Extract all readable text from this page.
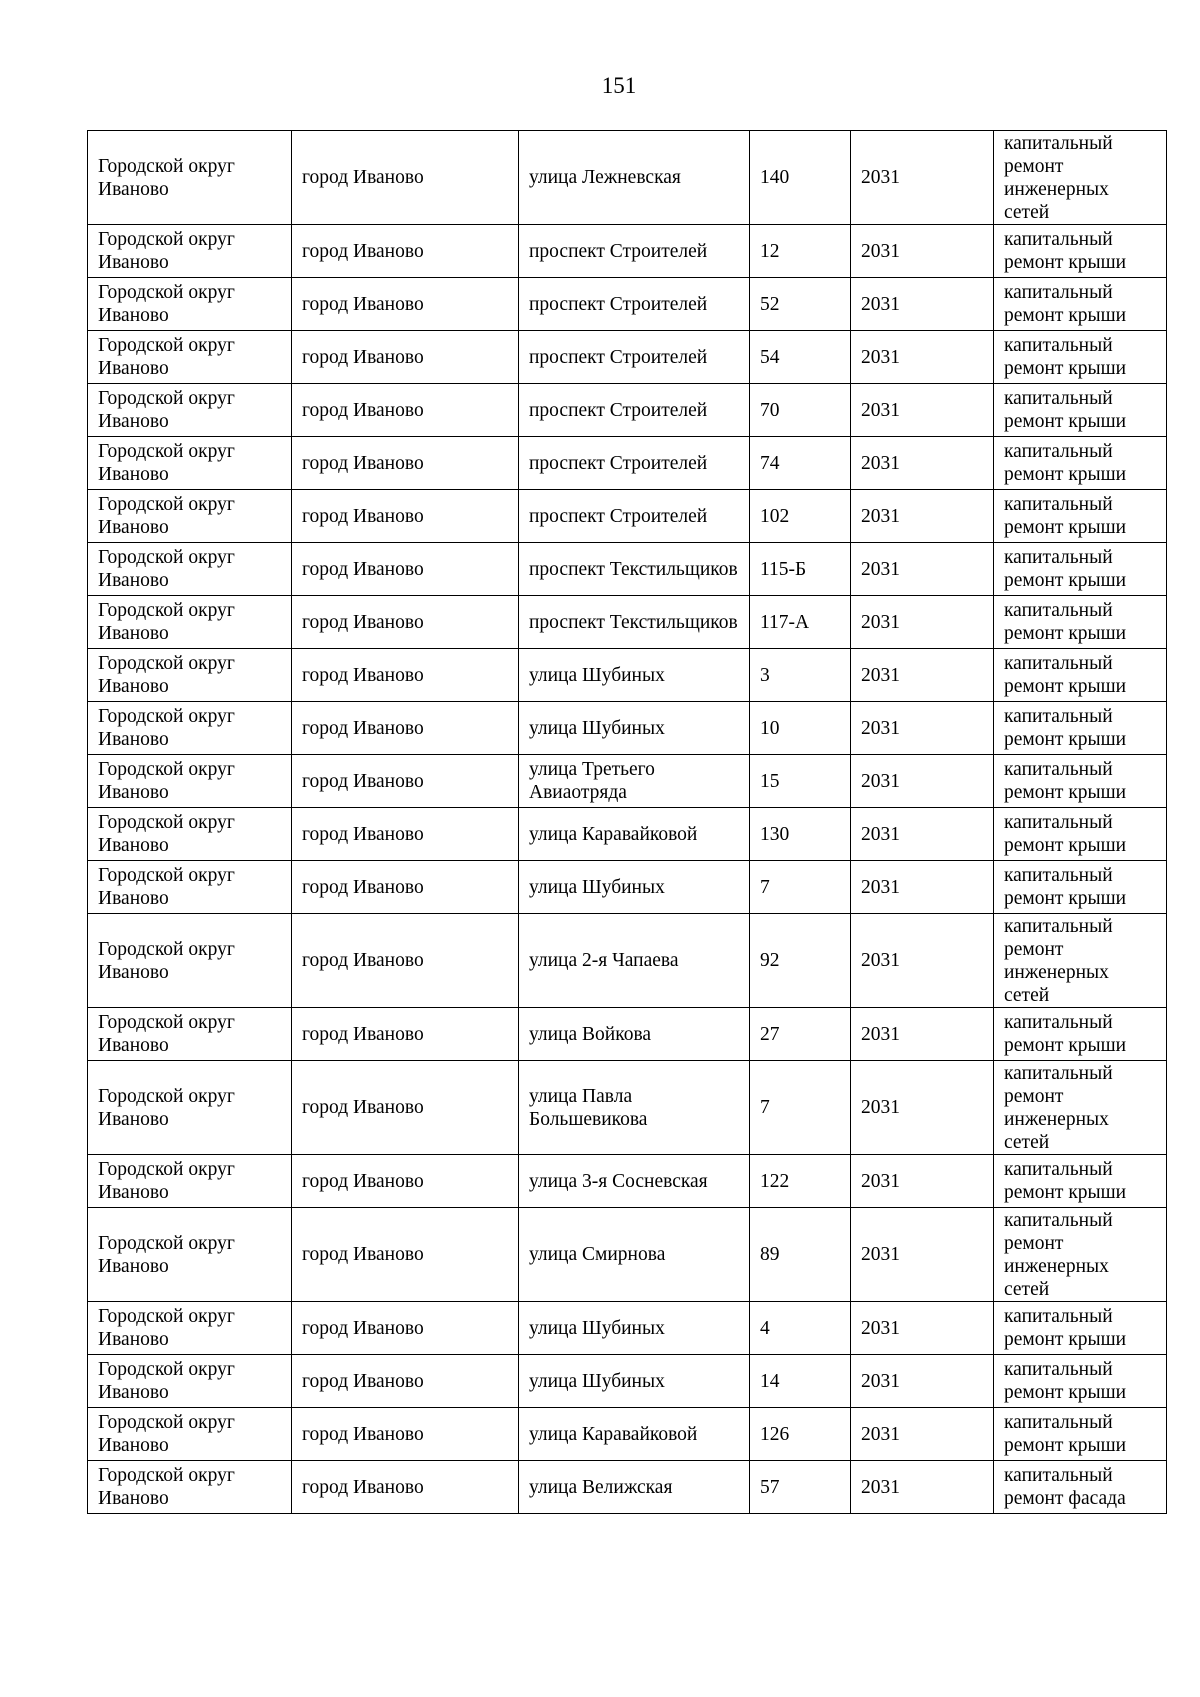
151
Городской округ Иваново	город Иваново	улица Лежневская	140	2031	капитальный ремонт инженерных сетей
Городской округ Иваново	город Иваново	проспект Строителей	12	2031	капитальный ремонт крыши
Городской округ Иваново	город Иваново	проспект Строителей	52	2031	капитальный ремонт крыши
Городской округ Иваново	город Иваново	проспект Строителей	54	2031	капитальный ремонт крыши
Городской округ Иваново	город Иваново	проспект Строителей	70	2031	капитальный ремонт крыши
Городской округ Иваново	город Иваново	проспект Строителей	74	2031	капитальный ремонт крыши
Городской округ Иваново	город Иваново	проспект Строителей	102	2031	капитальный ремонт крыши
Городской округ Иваново	город Иваново	проспект Текстильщиков	115-Б	2031	капитальный ремонт крыши
Городской округ Иваново	город Иваново	проспект Текстильщиков	117-А	2031	капитальный ремонт крыши
Городской округ Иваново	город Иваново	улица Шубиных	3	2031	капитальный ремонт крыши
Городской округ Иваново	город Иваново	улица Шубиных	10	2031	капитальный ремонт крыши
Городской округ Иваново	город Иваново	улица Третьего Авиаотряда	15	2031	капитальный ремонт крыши
Городской округ Иваново	город Иваново	улица Каравайковой	130	2031	капитальный ремонт крыши
Городской округ Иваново	город Иваново	улица Шубиных	7	2031	капитальный ремонт крыши
Городской округ Иваново	город Иваново	улица 2-я Чапаева	92	2031	капитальный ремонт инженерных сетей
Городской округ Иваново	город Иваново	улица Войкова	27	2031	капитальный ремонт крыши
Городской округ Иваново	город Иваново	улица Павла Большевикова	7	2031	капитальный ремонт инженерных сетей
Городской округ Иваново	город Иваново	улица 3-я Сосневская	122	2031	капитальный ремонт крыши
Городской округ Иваново	город Иваново	улица Смирнова	89	2031	капитальный ремонт инженерных сетей
Городской округ Иваново	город Иваново	улица Шубиных	4	2031	капитальный ремонт крыши
Городской округ Иваново	город Иваново	улица Шубиных	14	2031	капитальный ремонт крыши
Городской округ Иваново	город Иваново	улица Каравайковой	126	2031	капитальный ремонт крыши
Городской округ Иваново	город Иваново	улица Велижская	57	2031	капитальный ремонт фасада
